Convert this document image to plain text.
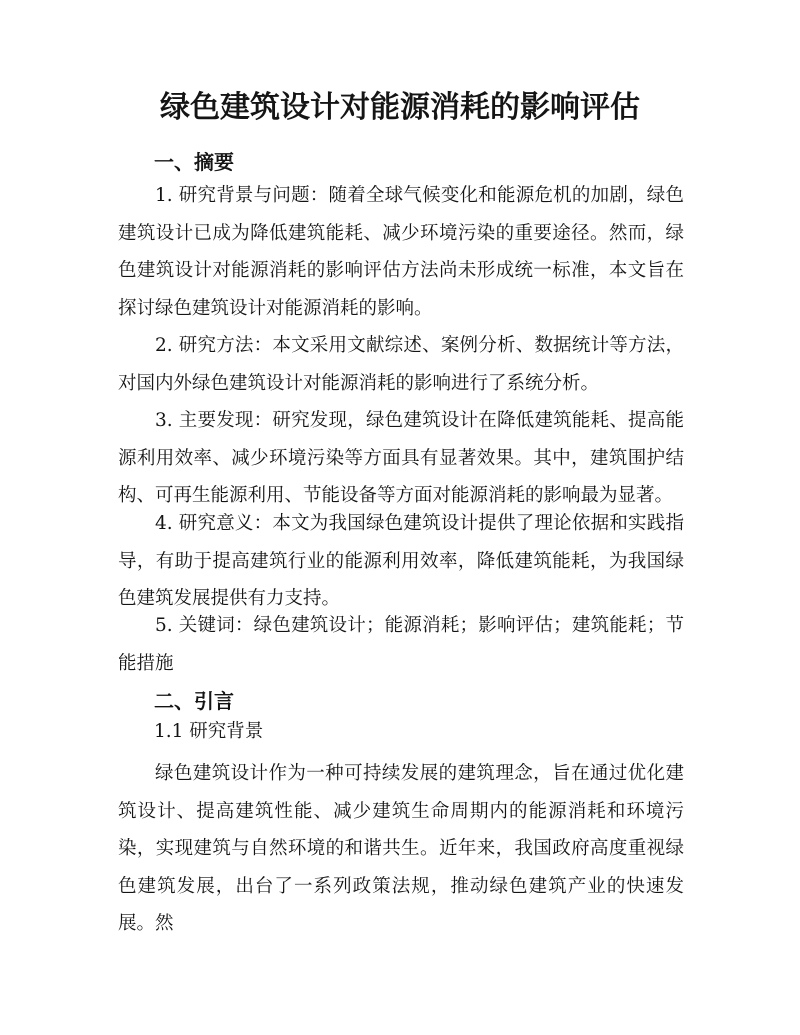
绿色建筑设计对能源消耗的影响评估
一、摘要

1. 研究背景与问题：随着全球气候变化和能源危机的加剧，绿色建筑设计已成为降低建筑能耗、减少环境污染的重要途径。然而，绿色建筑设计对能源消耗的影响评估方法尚未形成统一标准，本文旨在探讨绿色建筑设计对能源消耗的影响。

2. 研究方法：本文采用文献综述、案例分析、数据统计等方法，对国内外绿色建筑设计对能源消耗的影响进行了系统分析。

3. 主要发现：研究发现，绿色建筑设计在降低建筑能耗、提高能源利用效率、减少环境污染等方面具有显著效果。其中，建筑围护结构、可再生能源利用、节能设备等方面对能源消耗的影响最为显著。

4. 研究意义：本文为我国绿色建筑设计提供了理论依据和实践指导，有助于提高建筑行业的能源利用效率，降低建筑能耗，为我国绿色建筑发展提供有力支持。

5. 关键词：绿色建筑设计；能源消耗；影响评估；建筑能耗；节能措施

二、引言
1.1 研究背景

绿色建筑设计作为一种可持续发展的建筑理念，旨在通过优化建筑设计、提高建筑性能、减少建筑生命周期内的能源消耗和环境污染，实现建筑与自然环境的和谐共生。近年来，我国政府高度重视绿色建筑发展，出台了一系列政策法规，推动绿色建筑产业的快速发展。然
